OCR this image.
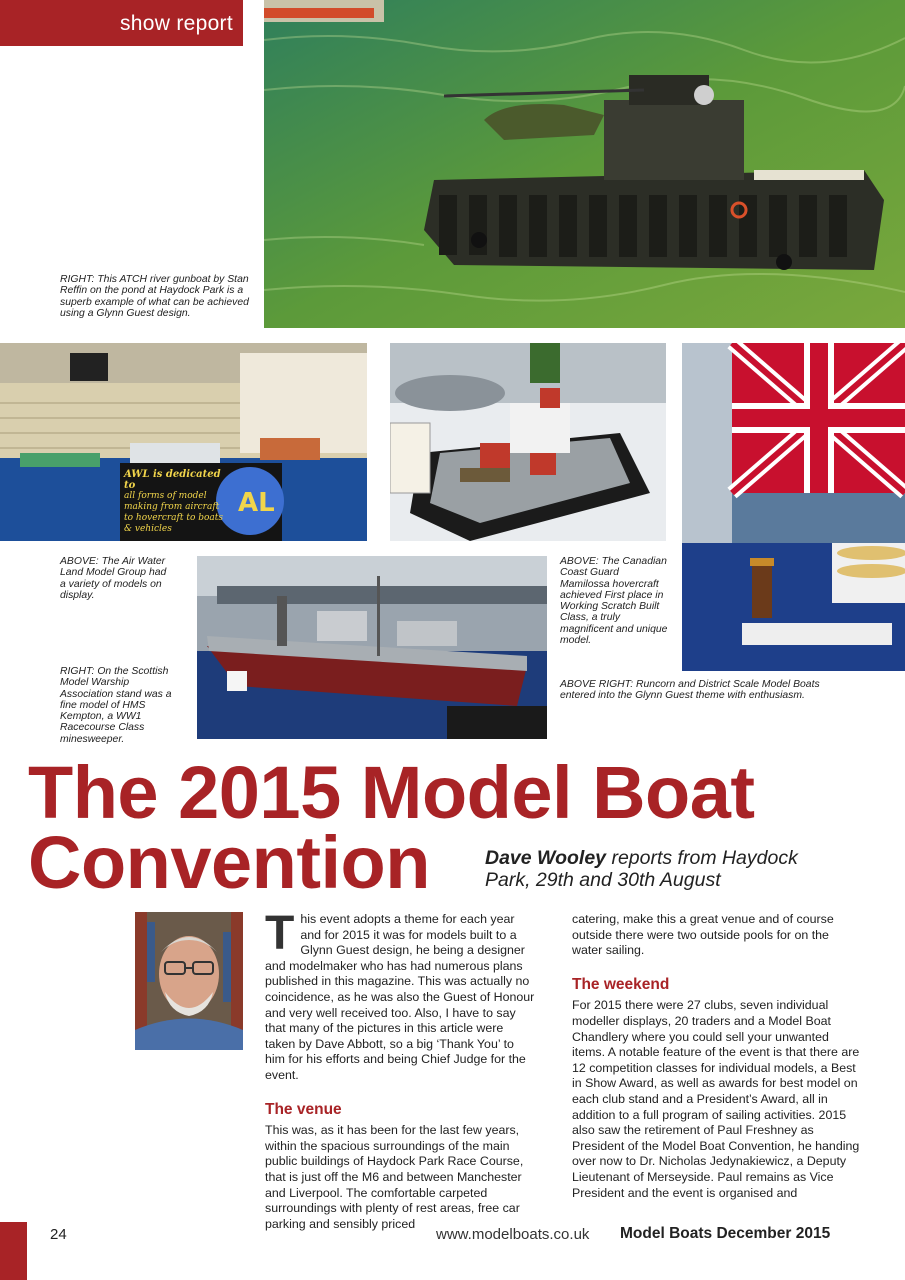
show report
RIGHT: This ATCH river gunboat by Stan Reffin on the pond at Haydock Park is a superb example of what can be achieved using a Glynn Guest design.
AL
AWL is dedicated to
all forms of model
making from aircraft
to hovercraft to boats
& vehicles
ABOVE: The Air Water Land Model Group had a variety of models on display.
ABOVE: The Canadian Coast Guard Mamilossa hovercraft achieved First place in Working Scratch Built Class, a truly magnificent and unique model.
RIGHT: On the Scottish Model Warship Association stand was a fine model of HMS Kempton, a WW1 Racecourse Class minesweeper.
ABOVE RIGHT: Runcorn and District Scale Model Boats entered into the Glynn Guest theme with enthusiasm.
The 2015 Model Boat
Convention	Dave Wooley reports from Haydock Park, 29th and 30th August

This event adopts a theme for each year and for 2015 it was for models built to a Glynn Guest design, he being a designer and modelmaker who has had numerous plans published in this magazine. This was actually no coincidence, as he was also the Guest of Honour and very well received too. Also, I have to say that many of the pictures in this article were taken by Dave Abbott, so a big ‘Thank You’ to him for his efforts and being Chief Judge for the event.

The venue

This was, as it has been for the last few years, within the spacious surroundings of the main public buildings of Haydock Park Race Course, that is just off the M6 and between Manchester and Liverpool. The comfortable carpeted surroundings with plenty of rest areas, free car parking and sensibly priced

catering, make this a great venue and of course outside there were two outside pools for on the water sailing.

The weekend

For 2015 there were 27 clubs, seven individual modeller displays, 20 traders and a Model Boat Chandlery where you could sell your unwanted items. A notable feature of the event is that there are 12 competition classes for individual models, a Best in Show Award, as well as awards for best model on each club stand and a President’s Award, all in addition to a full program of sailing activities. 2015 also saw the retirement of Paul Freshney as President of the Model Boat Convention, he handing over now to Dr. Nicholas Jedynakiewicz, a Deputy Lieutenant of Merseyside. Paul remains as Vice President and the event is organised and

24	www.modelboats.co.uk Model Boats December 2015
